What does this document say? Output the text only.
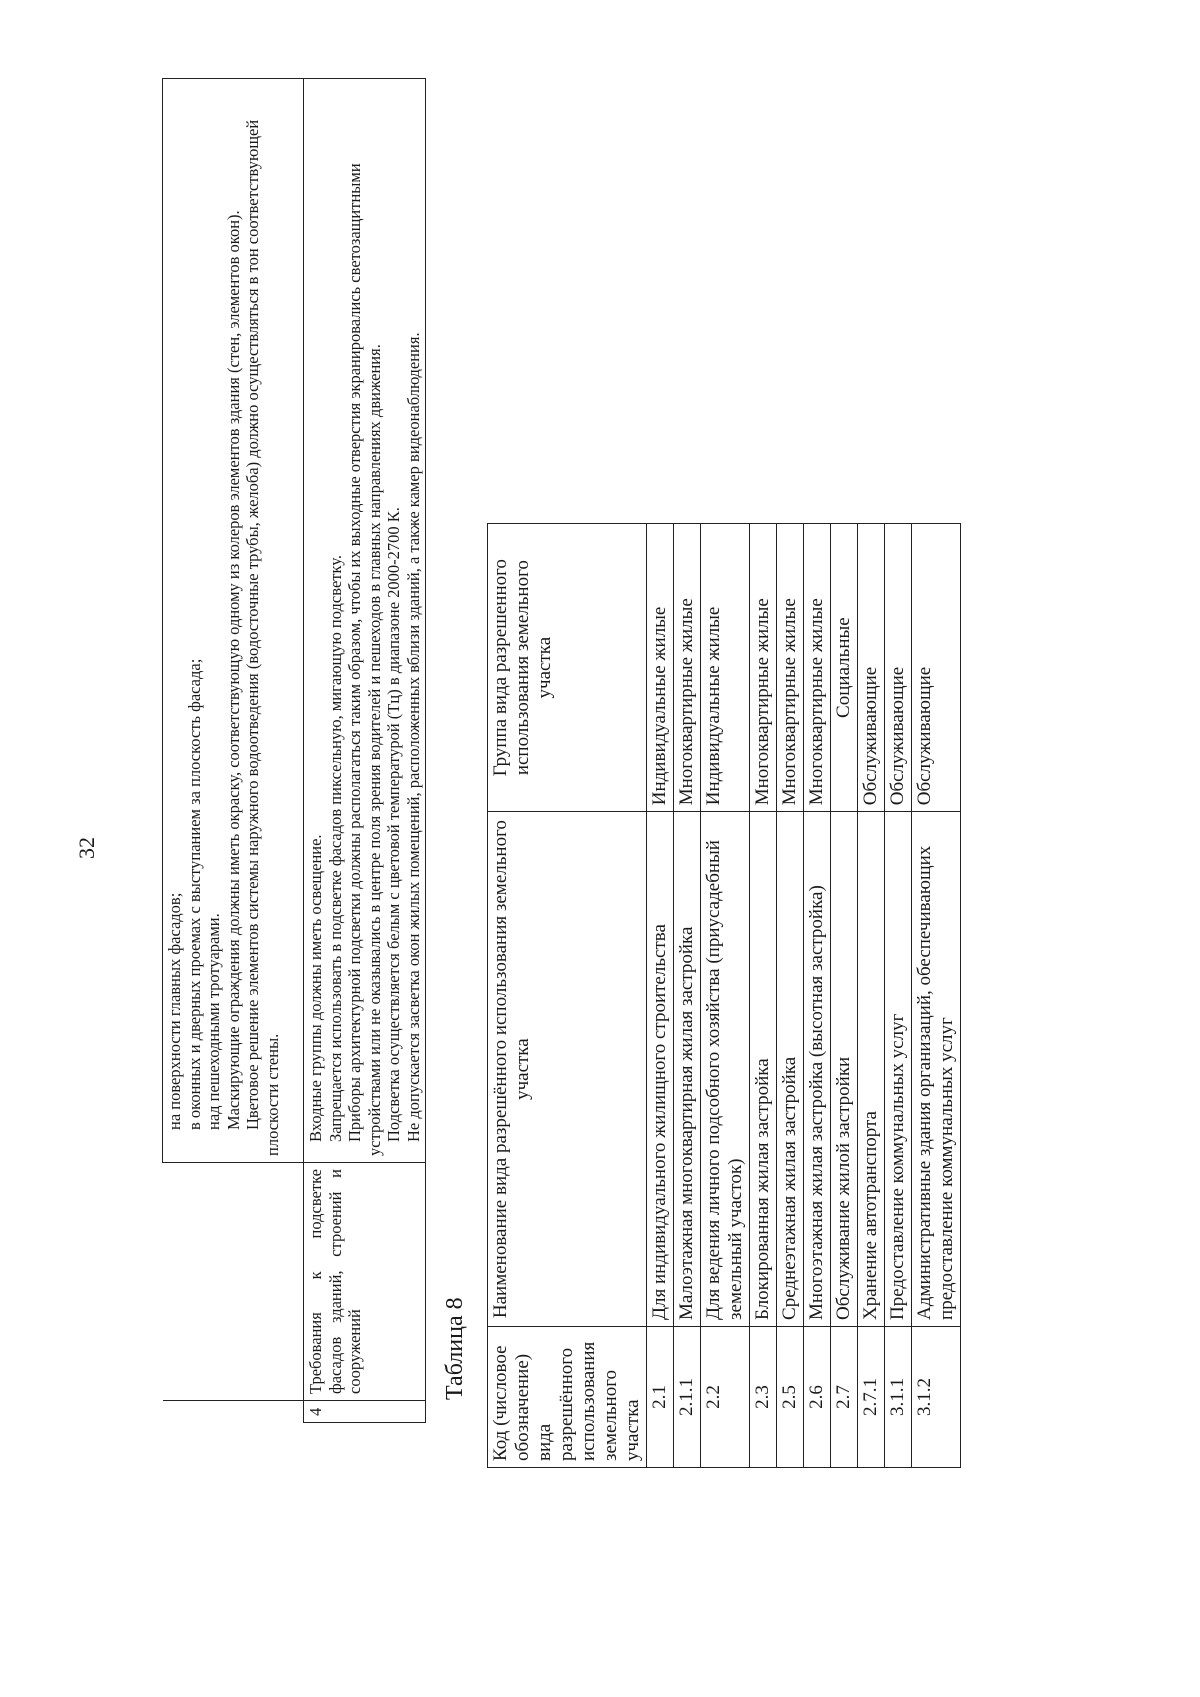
32

		на поверхности главных фасадов; в оконных и дверных проемах с выступанием за плоскость фасада; над пешеходными тротуарами. Маскирующие ограждения должны иметь окраску, соответствующую одному из колеров элементов здания (стен, элементов окон). Цветовое решение элементов системы наружного водоотведения (водосточные трубы, желоба) должно осуществляться в тон соответствующей плоскости стены.

4	Требования к подсветке фасадов зданий, строений и сооружений	Входные группы должны иметь освещение. Запрещается использовать в подсветке фасадов пиксельную, мигающую подсветку. Приборы архитектурной подсветки должны располагаться таким образом, чтобы их выходные отверстия экранировались светозащитными устройствами или не оказывались в центре поля зрения водителей и пешеходов в главных направлениях движения. Подсветка осуществляется белым с цветовой температурой (Тц) в диапазоне 2000-2700 К. Не допускается засветка окон жилых помещений, расположенных вблизи зданий, а также камер видеонаблюдения.

Таблица 8 Код (числовое обозначение) вида разрешённого использования земельного участка	Наименование вида разрешённого использования земельного участка	Группа вида разрешенного использования земельного участка
2.1	Для индивидуального жилищного строительства	Индивидуальные жилые
2.1.1	Малоэтажная многоквартирная жилая застройка	Многоквартирные жилые
2.2	Для ведения личного подсобного хозяйства (приусадебный земельный участок)	Индивидуальные жилые
2.3	Блокированная жилая застройка	Многоквартирные жилые
2.5	Среднеэтажная жилая застройка	Многоквартирные жилые
2.6	Многоэтажная жилая застройка (высотная застройка)	Многоквартирные жилые
2.7	Обслуживание жилой застройки	Социальные
2.7.1	Хранение автотранспорта	Обслуживающие
3.1.1	Предоставление коммунальных услуг	Обслуживающие
3.1.2	Административные здания организаций, обеспечивающих предоставление коммунальных услуг	Обслуживающие
